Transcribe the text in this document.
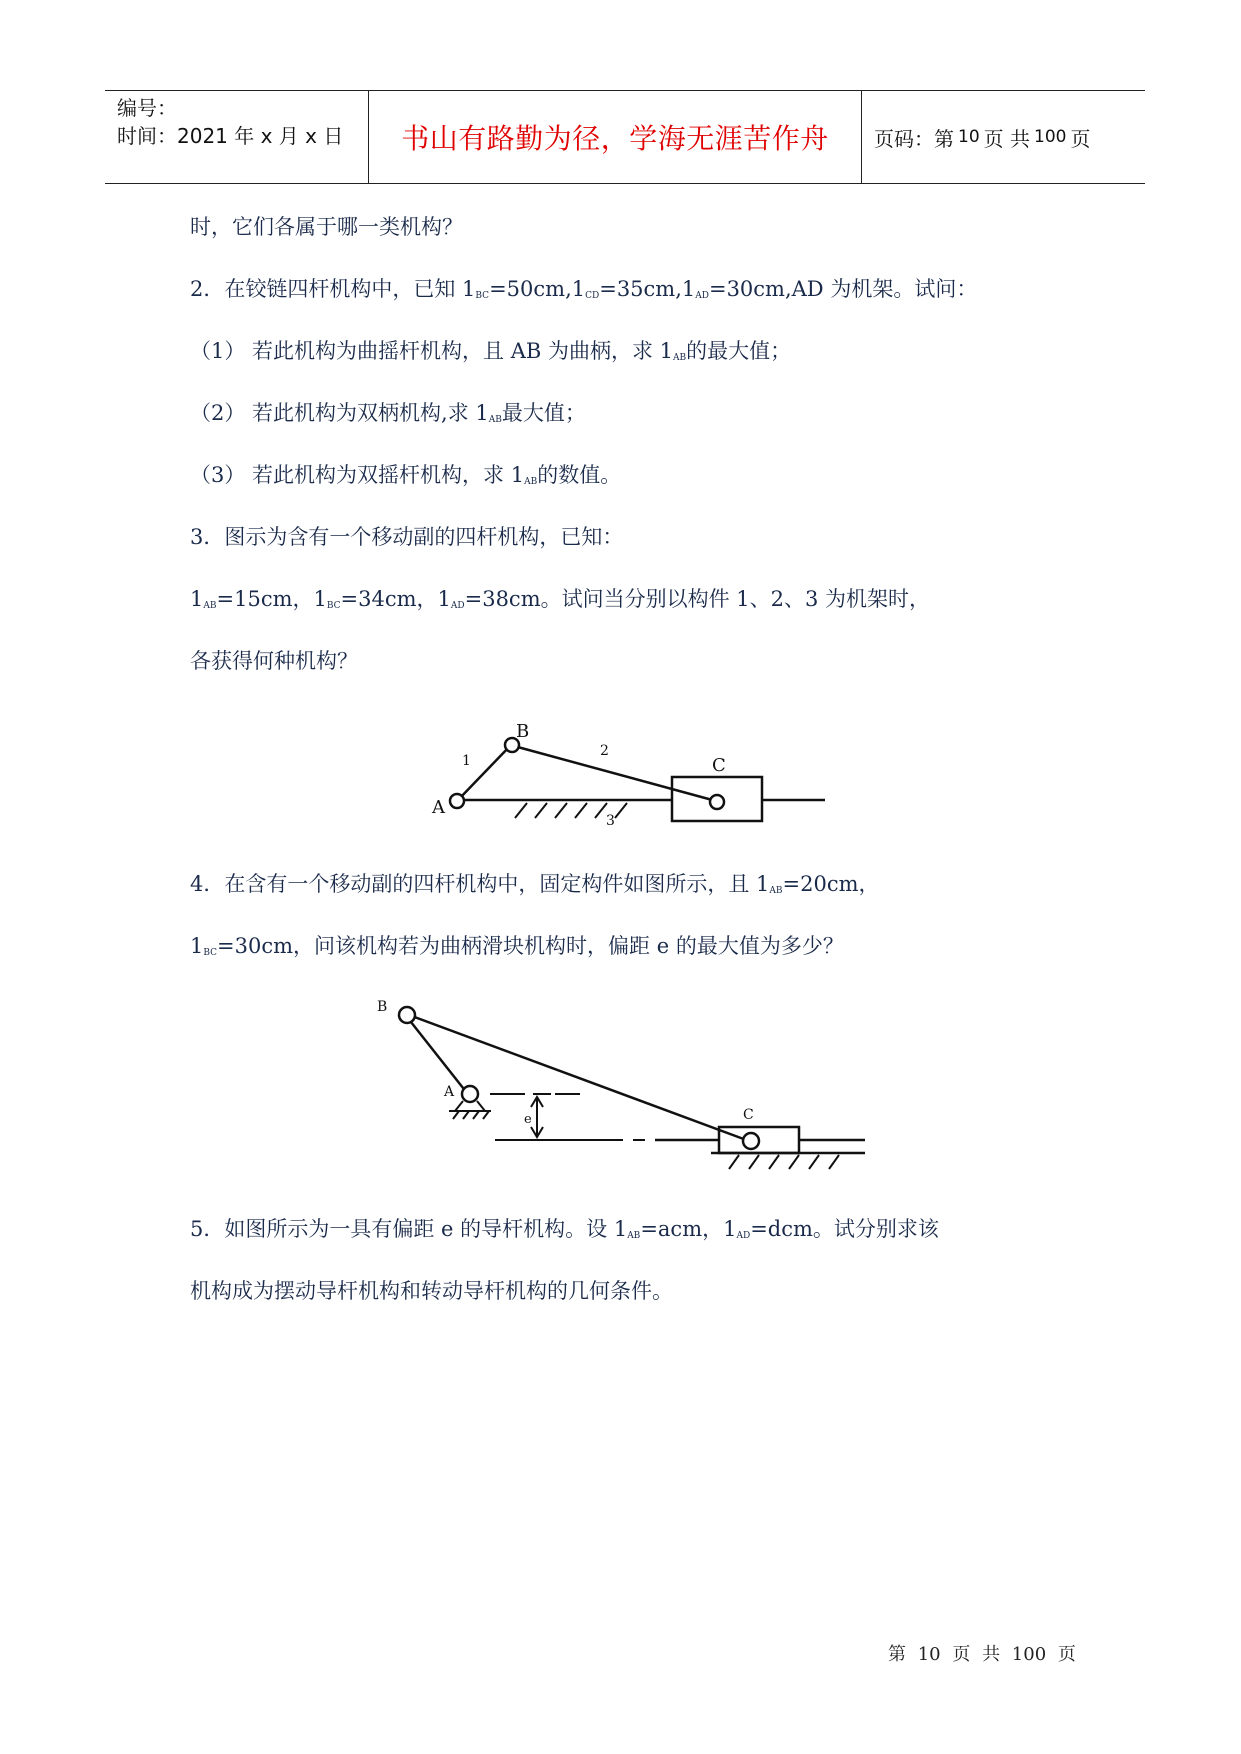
编号：
时间：2021 年 x 月 x 日	书山有路勤为径，学海无涯苦作舟	页码：第 10 页 共 100 页
时，它们各属于哪一类机构？
2．在铰链四杆机构中，已知 $1_{BC}=50cm,1_{CD}=35cm,1_{AD}=30cm,AD$ 为机架。试问：
（1） 若此机构为曲摇杆机构，且 AB 为曲柄，求 $1_{AB}$的最大值；
（2） 若此机构为双柄机构,求 $1_{AB}$最大值；
（3） 若此机构为双摇杆机构，求 $1_{AB}$的数值。
3．图示为含有一个移动副的四杆机构，已知：
$1_{AB}=15cm$，$1_{BC}=34cm$，$1_{AD}=38cm$。试问当分别以构件 1、2、3 为机架时，
各获得何种机构？
A
B
C
1
2
3
4．在含有一个移动副的四杆机构中，固定构件如图所示，且 $1_{AB}=20cm$，
$1_{BC}=30cm$，问该机构若为曲柄滑块机构时，偏距 e 的最大值为多少？
B
A
C
e
5．如图所示为一具有偏距 e 的导杆机构。设 $1_{AB}=acm$，$1_{AD}=dcm$。试分别求该
机构成为摆动导杆机构和转动导杆机构的几何条件。
第 10 页 共 100 页
